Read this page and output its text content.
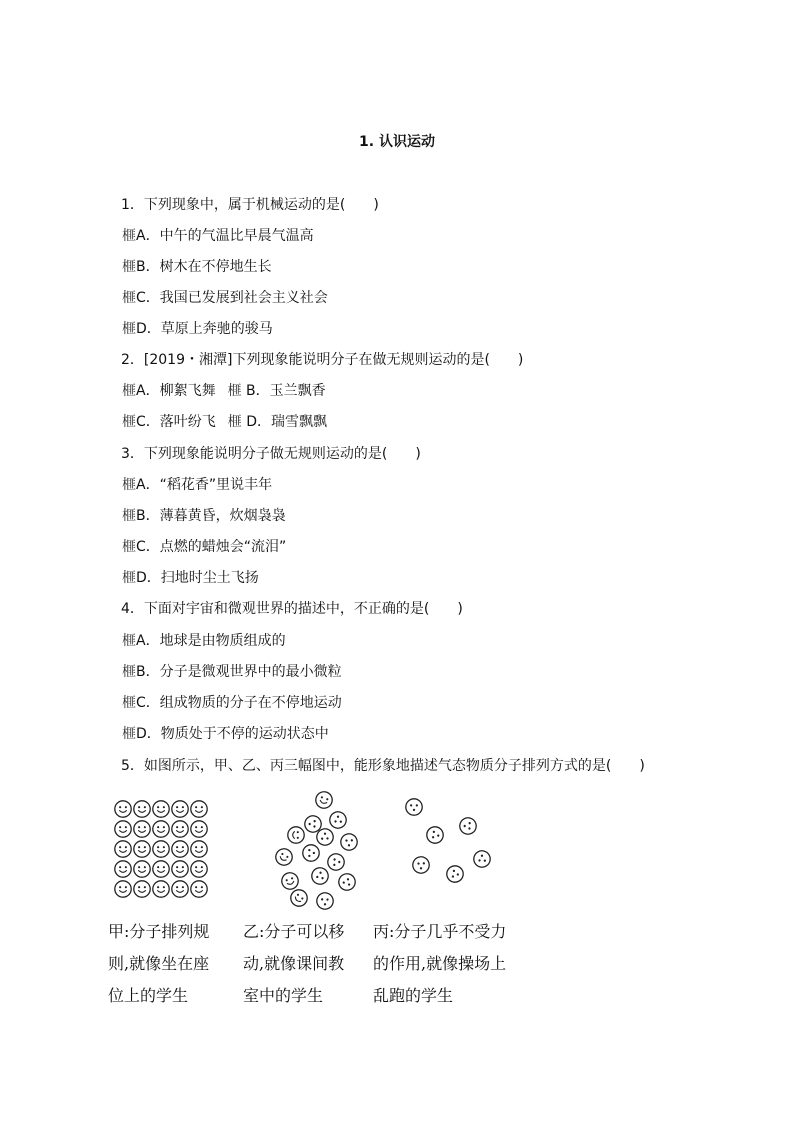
1. 认识运动
1．下列现象中，属于机械运动的是(　　)
榧A．中午的气温比早晨气温高
榧B．树木在不停地生长
榧C．我国已发展到社会主义社会
榧D．草原上奔驰的骏马
2．[2019・湘潭]下列现象能说明分子在做无规则运动的是(　　)
榧A．柳絮飞舞 榧 B．玉兰飘香
榧C．落叶纷飞 榧 D．瑞雪飘飘
3．下列现象能说明分子做无规则运动的是(　　)
榧A．“稻花香”里说丰年
榧B．薄暮黄昏，炊烟袅袅
榧C．点燃的蜡烛会“流泪”
榧D．扫地时尘土飞扬
4．下面对宇宙和微观世界的描述中，不正确的是(　　)
榧A．地球是由物质组成的
榧B．分子是微观世界中的最小微粒
榧C．组成物质的分子在不停地运动
榧D．物质处于不停的运动状态中
5．如图所示，甲、乙、丙三幅图中，能形象地描述气态物质分子排列方式的是(　　)
甲:分子排列规
则,就像坐在座
位上的学生
乙:分子可以移
动,就像课间教
室中的学生
丙:分子几乎不受力
的作用,就像操场上
乱跑的学生
